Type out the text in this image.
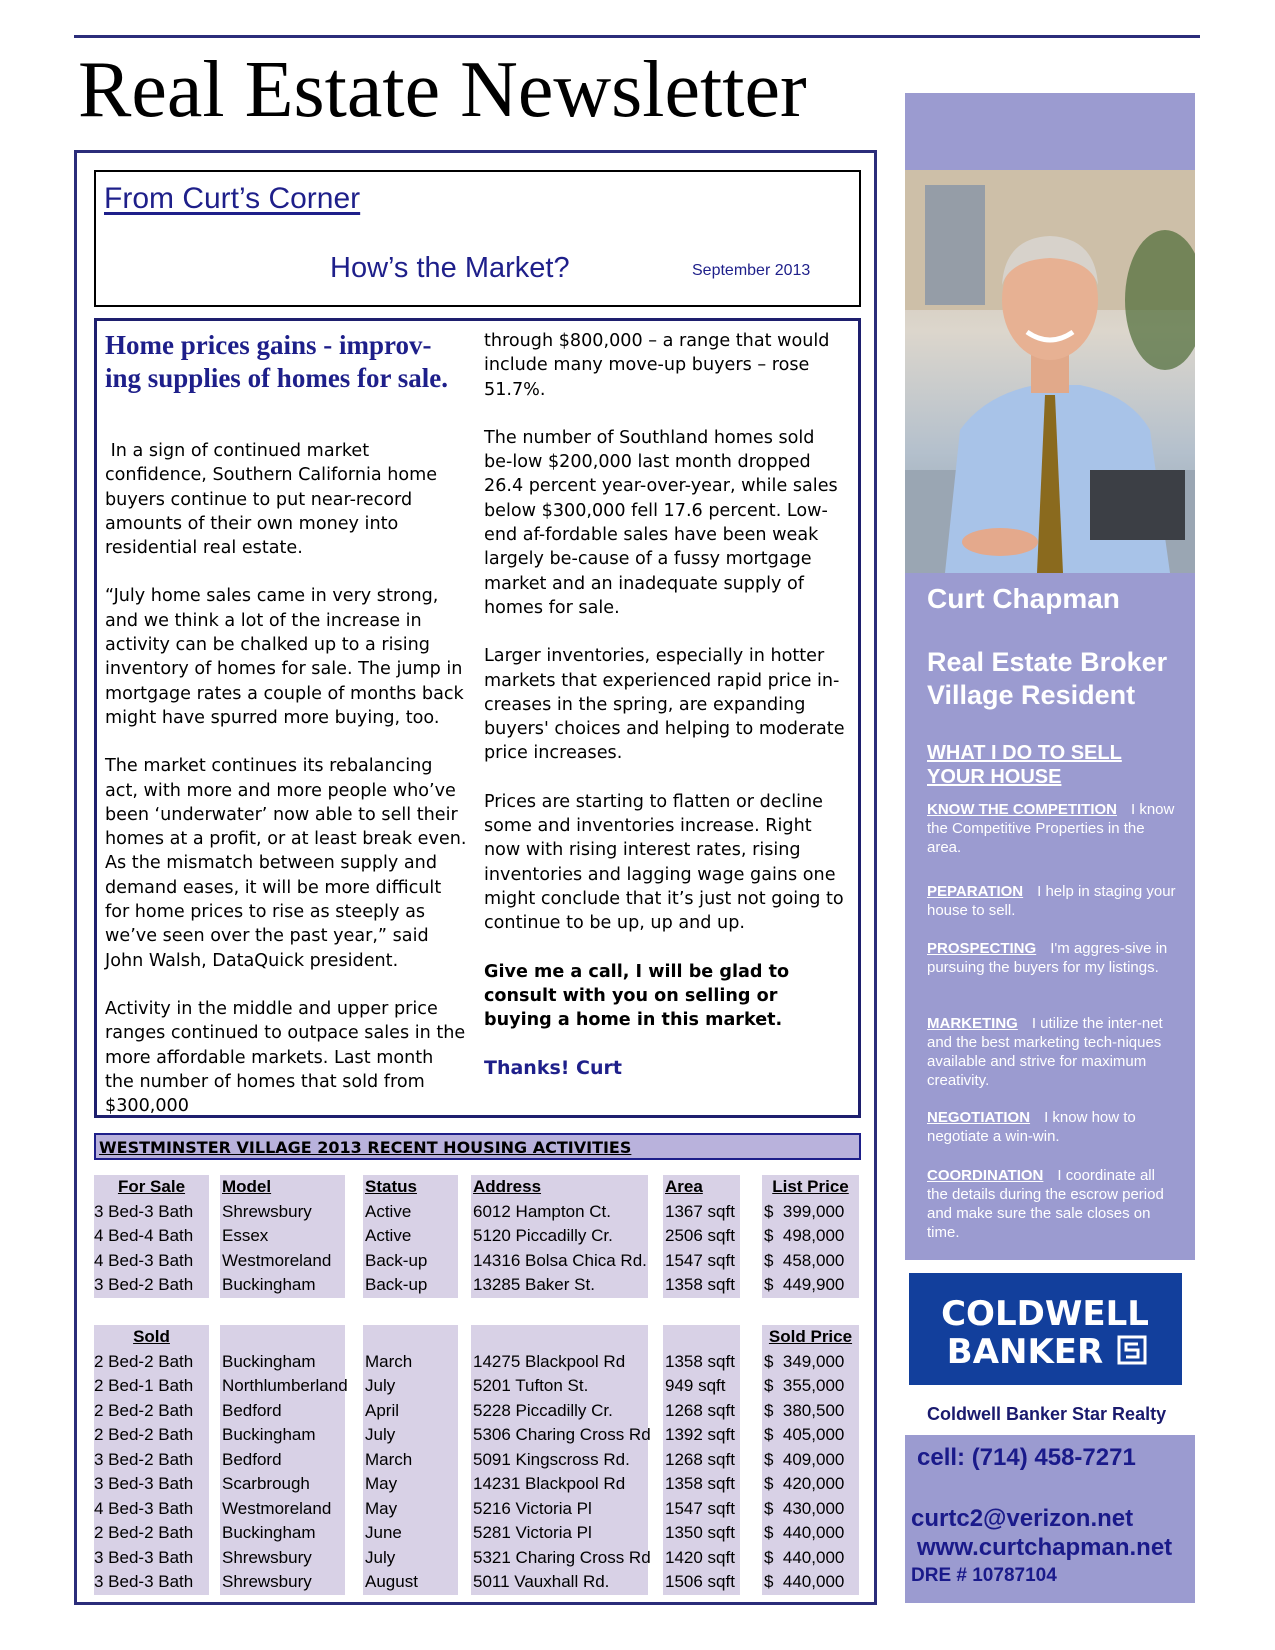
Real Estate Newsletter
From Curt’s Corner
How’s the Market?	September 2013

Home prices gains - improv-ing supplies of homes for sale.

In a sign of continued market confidence, Southern California home buyers continue to put near-record amounts of their own money into residential real estate.

“July home sales came in very strong, and we think a lot of the increase in activity can be chalked up to a rising inventory of homes for sale. The jump in mortgage rates a couple of months back might have spurred more buying, too.

The market continues its rebalancing act, with more and more people who’ve been ‘underwater’ now able to sell their homes at a profit, or at least break even. As the mismatch between supply and demand eases, it will be more difficult for home prices to rise as steeply as we’ve seen over the past year,” said John Walsh, DataQuick president.

Activity in the middle and upper price ranges continued to outpace sales in the more affordable markets. Last month the number of homes that sold from $300,000

through $800,000 – a range that would include many move-up buyers – rose 51.7%.

The number of Southland homes sold be-low $200,000 last month dropped 26.4 percent year-over-year, while sales below $300,000 fell 17.6 percent. Low-end af-fordable sales have been weak largely be-cause of a fussy mortgage market and an inadequate supply of homes for sale.

Larger inventories, especially in hotter markets that experienced rapid price in-creases in the spring, are expanding buyers' choices and helping to moderate price increases.

Prices are starting to flatten or decline some and inventories increase. Right now with rising interest rates, rising inventories and lagging wage gains one might conclude that it’s just not going to continue to be up, up and up.

Give me a call, I will be glad to consult with you on selling or buying a home in this market.

Thanks! Curt

WESTMINSTER VILLAGE 2013 RECENT HOUSING ACTIVITIES
For Sale
3 Bed-3 Bath
4 Bed-4 Bath
4 Bed-3 Bath
3 Bed-2 Bath
Model
Shrewsbury
Essex
Westmoreland
Buckingham
Status
Active
Active
Back-up
Back-up
Address
6012 Hampton Ct.
5120 Piccadilly Cr.
14316 Bolsa Chica Rd.
13285 Baker St.
Area
1367 sqft
2506 sqft
1547 sqft
1358 sqft
List Price
$  399,000
$  498,000
$  458,000
$  449,900
Sold
2 Bed-2 Bath
2 Bed-1 Bath
2 Bed-2 Bath
2 Bed-2 Bath
3 Bed-2 Bath
3 Bed-3 Bath
4 Bed-3 Bath
2 Bed-2 Bath
3 Bed-3 Bath
3 Bed-3 Bath
Buckingham
Northlumberland
Bedford
Buckingham
Bedford
Scarbrough
Westmoreland
Buckingham
Shrewsbury
Shrewsbury
March
July
April
July
March
May
May
June
July
August
14275 Blackpool Rd
5201 Tufton St.
5228 Piccadilly Cr.
5306 Charing Cross Rd
5091 Kingscross Rd.
14231 Blackpool Rd
5216 Victoria Pl
5281 Victoria Pl
5321 Charing Cross Rd
5011 Vauxhall Rd.
1358 sqft
949 sqft
1268 sqft
1392 sqft
1268 sqft
1358 sqft
1547 sqft
1350 sqft
1420 sqft
1506 sqft
Sold Price
$  349,000
$  355,000
$  380,500
$  405,000
$  409,000
$  420,000
$  430,000
$  440,000
$  440,000
$  440,000
Curt Chapman
Real Estate Broker
Village Resident
WHAT I DO TO SELL YOUR HOUSE
KNOW THE COMPETITION I know the Competitive Properties in the area.
PEPARATION I help in staging your house to sell.
PROSPECTING I'm aggres-sive in pursuing the buyers for my listings.
MARKETING I utilize the inter-net and the best marketing tech-niques available and strive for maximum creativity.
NEGOTIATION I know how to negotiate a win-win.
COORDINATION I coordinate all the details during the escrow period and make sure the sale closes on time.
COLDWELL
BANKER
Coldwell Banker Star Realty
cell: (714) 458-7271
curtc2@verizon.net
www.curtchapman.net
DRE # 10787104
